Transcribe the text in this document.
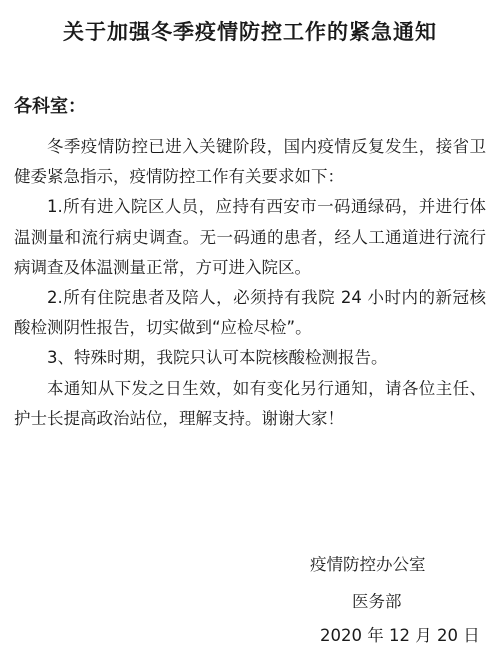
关于加强冬季疫情防控工作的紧急通知
各科室：

冬季疫情防控已进入关键阶段，国内疫情反复发生，接省卫健委紧急指示，疫情防控工作有关要求如下：

1.所有进入院区人员，应持有西安市一码通绿码，并进行体温测量和流行病史调查。无一码通的患者，经人工通道进行流行病调查及体温测量正常，方可进入院区。

2.所有住院患者及陪人，必须持有我院 24 小时内的新冠核酸检测阴性报告，切实做到“应检尽检”。

3、特殊时期，我院只认可本院核酸检测报告。

本通知从下发之日生效，如有变化另行通知，请各位主任、护士长提高政治站位，理解支持。谢谢大家！

疫情防控办公室
医务部
2020 年 12 月 20 日
